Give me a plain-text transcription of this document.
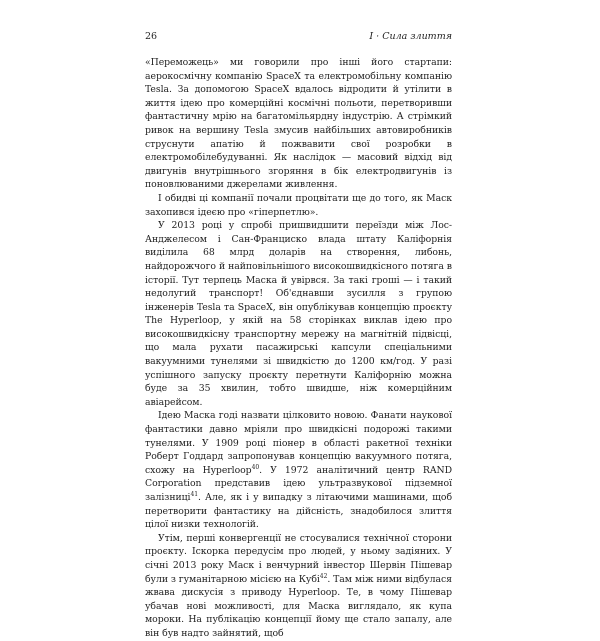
26	І · Сила злиття

«Переможець» ми говорили про інші його стартапи: аерокосмічну компанію SpaceX та електромобільну компанію Tesla. За допомогою SpaceX вдалось відродити й утілити в життя ідею про комерційні космічні польоти, перетворивши фантастичну мрію на багатомільярдну індустрію. А стрімкий ривок на вершину Tesla змусив найбільших автовиробників струснути апатію й пожвавити свої розробки в електромобілебудуванні. Як наслідок — масовий відхід від двигунів внутрішнього згоряння в бік електродвигунів із поновлюваними джерелами живлення.

І обидві ці компанії почали процвітати ще до того, як Маск захопився ідеєю про «гіперпетлю».

У 2013 році у спробі пришвидшити переїзди між Лос-Анджелесом і Сан-Франциско влада штату Каліфорнія виділила 68 млрд доларів на створення, либонь, найдорожчого й найповільнішого високошвидкісного потяга в історії. Тут терпець Маска й увірвся. За такі гроші — і такий недолугий транспорт! Об'єднавши зусилля з групою інженерів Tesla та SpaceX, він опублікував концепцію проєкту The Hyperloop, у якій на 58 сторінках виклав ідею про високошвидкісну транспортну мережу на магнітній підвісці, що мала рухати пасажирські капсули спеціальними вакуумними тунелями зі швидкістю до 1200 км/год. У разі успішного запуску проєкту перетнути Каліфорнію можна буде за 35 хвилин, тобто швидше, ніж комерційним авіарейсом.

Ідею Маска годі назвати цілковито новою. Фанати наукової фантастики давно мріяли про швидкісні подорожі такими тунелями. У 1909 році піонер в області ракетної техніки Роберт Годдард запропонував концепцію вакуумного потяга, схожу на Hyperloop$^{40}$. У 1972 аналітичний центр RAND Corporation представив ідею ультразвукової підземної залізниці$^{41}$. Але, як і у випадку з літаючими машинами, щоб перетворити фантастику на дійсність, знадобилося злиття цілої низки технологій.

Утім, перші конвергенції не стосувалися технічної сторони проєкту. Іскорка передусім про людей, у ньому задіяних. У січні 2013 року Маск і венчурний інвестор Шервін Пішевар були з гуманітарною місією на Кубі$^{42}$. Там між ними відбулася жвава дискусія з приводу Hyperloop. Те, в чому Пішевар убачав нові можливості, для Маска виглядало, як купа мороки. На публікацію концепції йому ще стало запалу, але він був надто зайнятий, щоб
